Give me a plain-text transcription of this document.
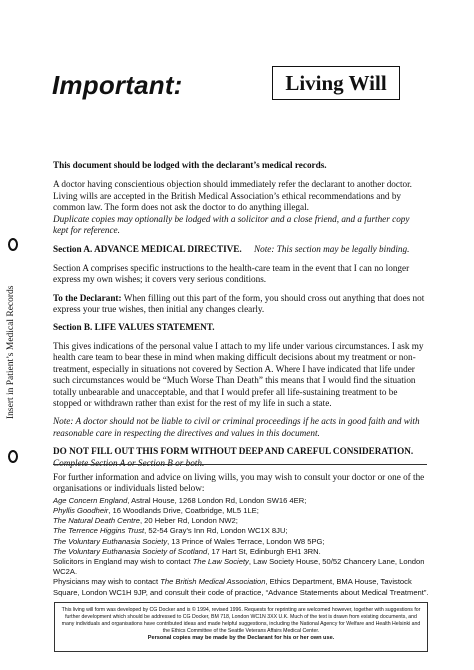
Important:	Living Will
Insert in Patient’s Medical Records

This document should be lodged with the declarant’s medical records.

A doctor having conscientious objection should immediately refer the declarant to another doctor. Living wills are accepted in the British Medical Association’s ethical recommendations and by common law. The form does not ask the doctor to do anything illegal.
Duplicate copies may optionally be lodged with a solicitor and a close friend, and a further copy kept for reference.

Section A. ADVANCE MEDICAL DIRECTIVE. Note: This section may be legally binding.

Section A comprises specific instructions to the health-care team in the event that I can no longer express my own wishes; it covers very serious conditions.

To the Declarant: When filling out this part of the form, you should cross out anything that does not express your true wishes, then initial any changes clearly.

Section B. LIFE VALUES STATEMENT.

This gives indications of the personal value I attach to my life under various circumstances. I ask my health care team to bear these in mind when making difficult decisions about my treatment or non-treatment, especially in situations not covered by Section A. Where I have indicated that life under such circumstances would be “Much Worse Than Death” this means that I would find the situation totally unbearable and unacceptable, and that I would prefer all life-sustaining treatment to be stopped or withdrawn rather than exist for the rest of my life in such a state.

Note: A doctor should not be liable to civil or criminal proceedings if he acts in good faith and with reasonable care in respecting the directives and values in this document.

DO NOT FILL OUT THIS FORM WITHOUT DEEP AND CAREFUL CONSIDERATION.
Complete Section A or Section B or both.

For further information and advice on living wills, you may wish to consult your doctor or one of the organisations or individuals listed below:

Age Concern England, Astral House, 1268 London Rd, London SW16 4ER;
Phyllis Goodheir, 16 Woodlands Drive, Coatbridge, ML5 1LE;
The Natural Death Centre, 20 Heber Rd, London NW2;
The Terrence Higgins Trust, 52-54 Gray’s Inn Rd, London WC1X 8JU;
The Voluntary Euthanasia Society, 13 Prince of Wales Terrace, London W8 5PG;
The Voluntary Euthanasia Society of Scotland, 17 Hart St, Edinburgh EH1 3RN.
Solicitors in England may wish to contact The Law Society, Law Society House, 50/52 Chancery Lane, London WC2A.
Physicians may wish to contact The British Medical Association, Ethics Department, BMA House, Tavistock Square, London WC1H 9JP, and consult their code of practice, “Advance Statements about Medical Treatment”.
This living will form was developed by CG Docker and is © 1994, revised 1996. Requests for reprinting are welcomed however, together with suggestions for further development which should be addressed to CG Docker, BM 718, London WC1N 3XX U.K. Much of the text is drawn from existing documents, and many individuals and organisations have contributed ideas and made helpful suggestions, including the National Agency for Welfare and Health Helsinki and the Ethics Committee of the Seattle Veterans Affairs Medical Center.
Personal copies may be made by the Declarant for his or her own use.
